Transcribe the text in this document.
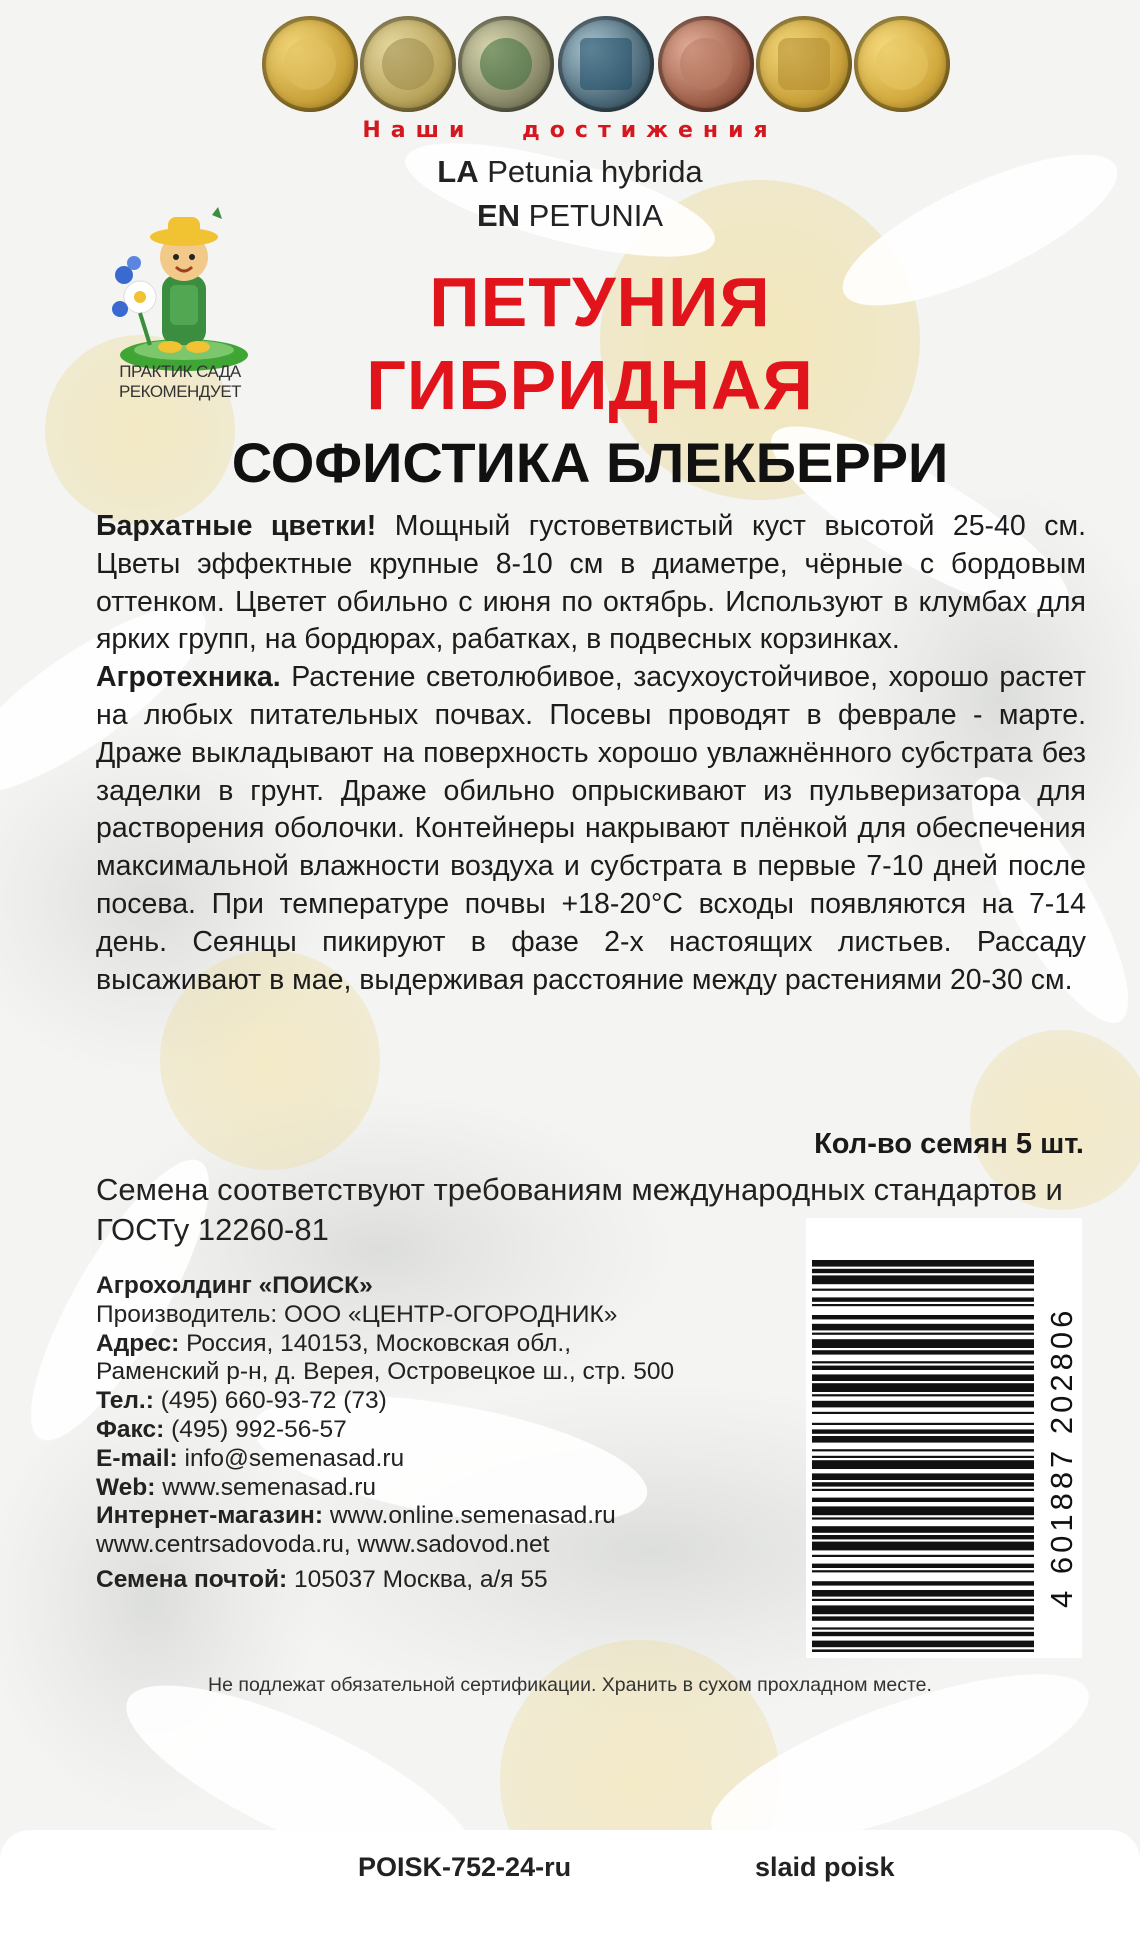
Наши достижения
LA Petunia hybrida
EN PETUNIA
ПРАКТИК САДА
РЕКОМЕНДУЕТ
ПЕТУНИЯ
ГИБРИДНАЯ
СОФИСТИКА БЛЕКБЕРРИ

Бархатные цветки! Мощный густоветвистый куст высотой 25-40 см. Цветы эффектные крупные 8-10 см в диаметре, чёрные с бордовым оттенком. Цветет обильно с июня по октябрь. Используют в клумбах для ярких групп, на бордюрах, рабатках, в подвесных корзинках.

Агротехника. Растение светолюбивое, засухоустойчивое, хорошо растет на любых питательных почвах. Посевы проводят в феврале - марте. Драже выкладывают на поверхность хорошо увлажнённого субстрата без заделки в грунт. Драже обильно опрыскивают из пульверизатора для растворения оболочки. Контейнеры накрывают плёнкой для обеспечения максимальной влажности воздуха и субстрата в первые 7-10 дней после посева. При температуре почвы +18-20°С всходы появляются на 7-14 день. Сеянцы пикируют в фазе 2-х настоящих листьев. Рассаду высаживают в мае, выдерживая расстояние между растениями 20-30 см.

Кол-во семян 5 шт.
Семена соответствуют требованиям международных стандартов и ГОСТу 12260-81
Агрохолдинг «ПОИСК»
Производитель: ООО «ЦЕНТР-ОГОРОДНИК»
Адрес: Россия, 140153, Московская обл.,
Раменский р-н, д. Верея, Островецкое ш., стр. 500
Тел.: (495) 660-93-72 (73)
Факс: (495) 992-56-57
E-mail: info@semenasad.ru
Web: www.semenasad.ru
Интернет-магазин: www.online.semenasad.ru
www.centrsadovoda.ru, www.sadovod.net
Семена почтой: 105037 Москва, а/я 55	4 601887 202806
Не подлежат обязательной сертификации. Хранить в сухом прохладном месте.
POISK-752-24-ru	slaid poisk
